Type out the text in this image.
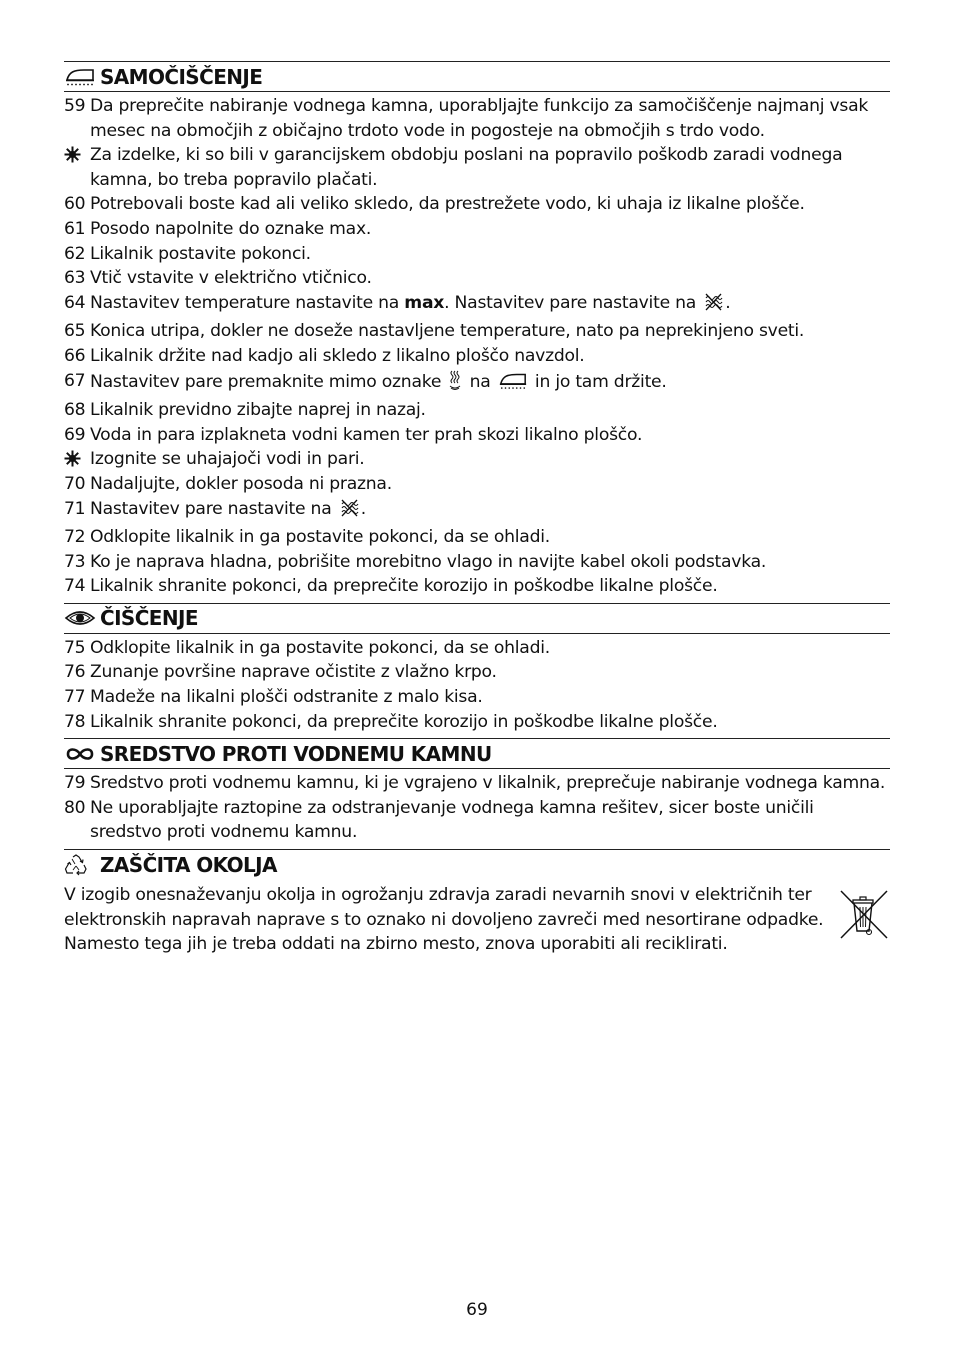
SAMOČIŠČENJE
59 Da preprečite nabiranje vodnega kamna, uporabljajte funkcijo za samočiščenje najmanj vsak mesec na območjih z običajno trdoto vode in pogosteje na območjih s trdo vodo.
Za izdelke, ki so bili v garancijskem obdobju poslani na popravilo poškodb zaradi vodnega kamna, bo treba popravilo plačati.
60 Potrebovali boste kad ali veliko skledo, da prestrežete vodo, ki uhaja iz likalne plošče.
61 Posodo napolnite do oznake max.
62 Likalnik postavite pokonci.
63 Vtič vstavite v električno vtičnico.
64 Nastavitev temperature nastavite na max. Nastavitev pare nastavite na .
65 Konica utripa, dokler ne doseže nastavljene temperature, nato pa neprekinjeno sveti.
66 Likalnik držite nad kadjo ali skledo z likalno ploščo navzdol.
67 Nastavitev pare premaknite mimo oznake  na  in jo tam držite.
68 Likalnik previdno zibajte naprej in nazaj.
69 Voda in para izplakneta vodni kamen ter prah skozi likalno ploščo.
Izognite se uhajajoči vodi in pari.
70 Nadaljujte, dokler posoda ni prazna.
71 Nastavitev pare nastavite na .
72 Odklopite likalnik in ga postavite pokonci, da se ohladi.
73 Ko je naprava hladna, pobrišite morebitno vlago in navijte kabel okoli podstavka.
74 Likalnik shranite pokonci, da preprečite korozijo in poškodbe likalne plošče.
ČIŠČENJE
75 Odklopite likalnik in ga postavite pokonci, da se ohladi.
76 Zunanje površine naprave očistite z vlažno krpo.
77 Madeže na likalni plošči odstranite z malo kisa.
78 Likalnik shranite pokonci, da preprečite korozijo in poškodbe likalne plošče.
SREDSTVO PROTI VODNEMU KAMNU
79 Sredstvo proti vodnemu kamnu, ki je vgrajeno v likalnik, preprečuje nabiranje vodnega kamna.
80 Ne uporabljajte raztopine za odstranjevanje vodnega kamna rešitev, sicer boste uničili sredstvo proti vodnemu kamnu.
ZAŠČITA OKOLJA
V izogib onesnaževanju okolja in ogrožanju zdravja zaradi nevarnih snovi v električnih ter elektronskih napravah naprave s to oznako ni dovoljeno zavreči med nesortirane odpadke. Namesto tega jih je treba oddati na zbirno mesto, znova uporabiti ali reciklirati.
69
